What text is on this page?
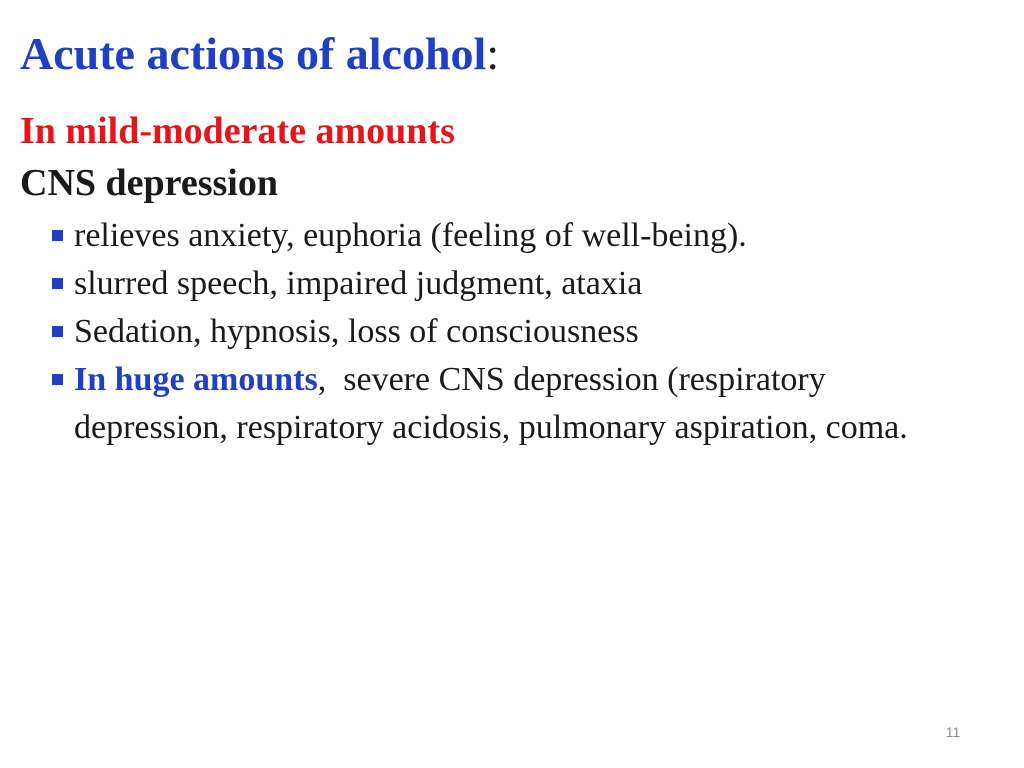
Acute actions of alcohol:
In mild-moderate amounts
CNS depression
relieves anxiety, euphoria (feeling of well-being).
slurred speech, impaired judgment, ataxia
Sedation, hypnosis, loss of consciousness
In huge amounts,  severe CNS depression (respiratory depression, respiratory acidosis, pulmonary aspiration, coma.
11
